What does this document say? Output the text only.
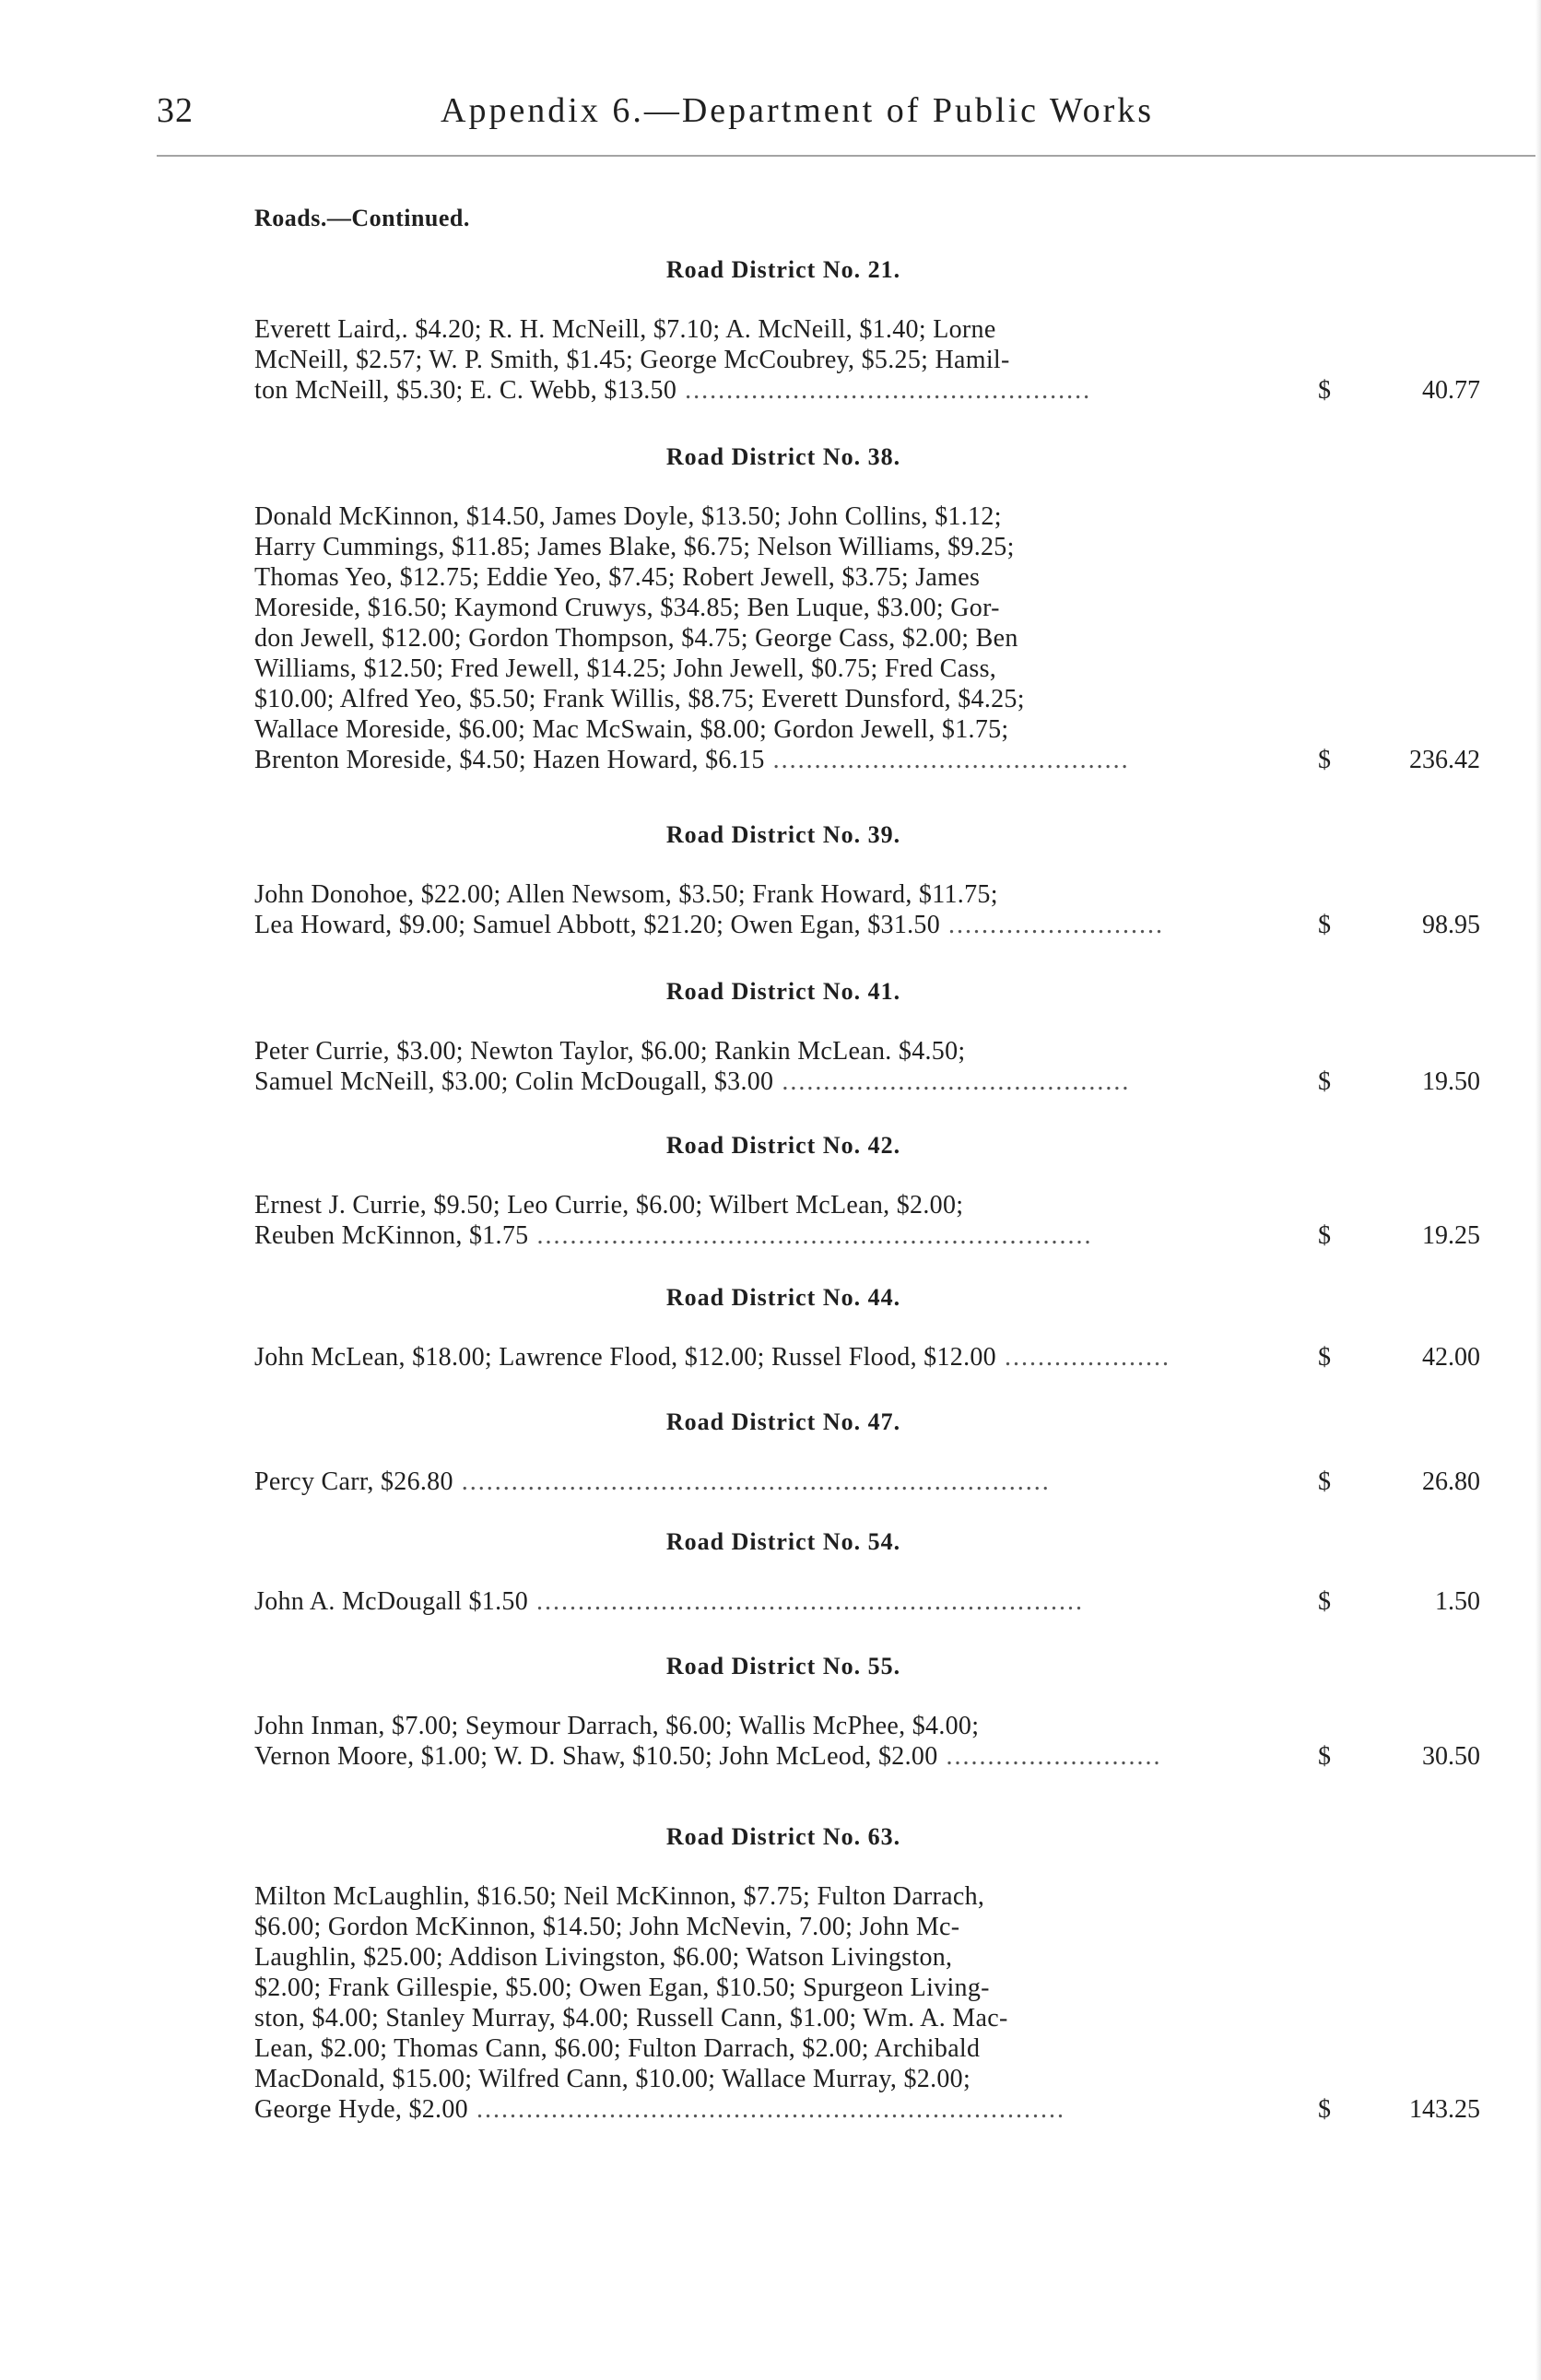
32	Appendix 6.—Department of Public Works
Roads.—Continued.
Road District No. 21.
Everett Laird,. $4.20; R. H. McNeill, $7.10; A. McNeill, $1.40; Lorne
McNeill, $2.57; W. P. Smith, $1.45; George McCoubrey, $5.25; Hamil-
ton McNeill, $5.30; E. C. Webb, $13.50 .................................................	$	40.77
Road District No. 38.
Donald McKinnon, $14.50, James Doyle, $13.50; John Collins, $1.12;
Harry Cummings, $11.85; James Blake, $6.75; Nelson Williams, $9.25;
Thomas Yeo, $12.75; Eddie Yeo, $7.45; Robert Jewell, $3.75; James
Moreside, $16.50; Kaymond Cruwys, $34.85; Ben Luque, $3.00; Gor-
don Jewell, $12.00; Gordon Thompson, $4.75; George Cass, $2.00; Ben
Williams, $12.50; Fred Jewell, $14.25; John Jewell, $0.75; Fred Cass,
$10.00; Alfred Yeo, $5.50; Frank Willis, $8.75; Everett Dunsford, $4.25;
Wallace Moreside, $6.00; Mac McSwain, $8.00; Gordon Jewell, $1.75;
Brenton Moreside, $4.50; Hazen Howard, $6.15 ...........................................	$	236.42
Road District No. 39.
John Donohoe, $22.00; Allen Newsom, $3.50; Frank Howard, $11.75;
Lea Howard, $9.00; Samuel Abbott, $21.20; Owen Egan, $31.50 ..........................	$	98.95
Road District No. 41.
Peter Currie, $3.00; Newton Taylor, $6.00; Rankin McLean. $4.50;
Samuel McNeill, $3.00; Colin McDougall, $3.00 ..........................................	$	19.50
Road District No. 42.
Ernest J. Currie, $9.50; Leo Currie, $6.00; Wilbert McLean, $2.00;
Reuben McKinnon, $1.75 ...................................................................	$	19.25
Road District No. 44.
John McLean, $18.00; Lawrence Flood, $12.00; Russel Flood, $12.00 ....................	$	42.00
Road District No. 47.
Percy Carr, $26.80 .......................................................................	$	26.80
Road District No. 54.
John A. McDougall $1.50 ..................................................................	$	1.50
Road District No. 55.
John Inman, $7.00; Seymour Darrach, $6.00; Wallis McPhee, $4.00;
Vernon Moore, $1.00; W. D. Shaw, $10.50; John McLeod, $2.00 ..........................	$	30.50
Road District No. 63.
Milton McLaughlin, $16.50; Neil McKinnon, $7.75; Fulton Darrach,
$6.00; Gordon McKinnon, $14.50; John McNevin, 7.00; John Mc-
Laughlin, $25.00; Addison Livingston, $6.00; Watson Livingston,
$2.00; Frank Gillespie, $5.00; Owen Egan, $10.50; Spurgeon Living-
ston, $4.00; Stanley Murray, $4.00; Russell Cann, $1.00; Wm. A. Mac-
Lean, $2.00; Thomas Cann, $6.00; Fulton Darrach, $2.00; Archibald
MacDonald, $15.00; Wilfred Cann, $10.00; Wallace Murray, $2.00;
George Hyde, $2.00 .......................................................................	$	143.25
